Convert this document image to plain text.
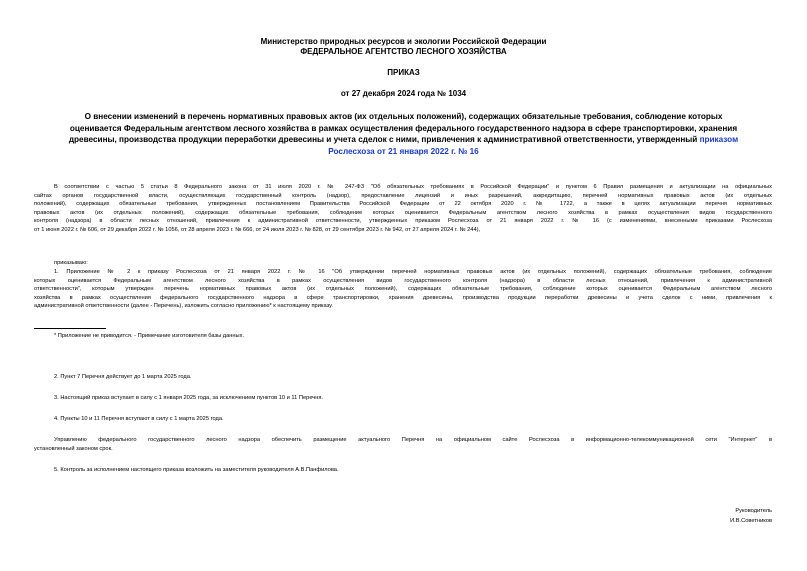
Министерство природных ресурсов и экологии Российской Федерации
ФЕДЕРАЛЬНОЕ АГЕНТСТВО ЛЕСНОГО ХОЗЯЙСТВА
ПРИКАЗ
от 27 декабря 2024 года № 1034

О внесении изменений в перечень нормативных правовых актов (их отдельных положений), содержащих обязательные требования, соблюдение которых

оценивается Федеральным агентством лесного хозяйства в рамках осуществления федерального государственного надзора в сфере транспортировки, хранения

древесины, производства продукции переработки древесины и учета сделок с ними, привлечения к административной ответственности, утвержденный приказом

Рослесхоза от 21 января 2022 г. № 16

В соответствии с частью 5 статьи 8 Федерального закона от 31 июля 2020 г. № 247-ФЗ "Об обязательных требованиях в Российской Федерации" и пунктом 6 Правил размещения и актуализации на официальных

сайтах органов государственной власти, осуществляющих государственный контроль (надзор), предоставление лицензий и иных разрешений, аккредитацию, перечней нормативных правовых актов (их отдельных

положений), содержащих обязательные требования, утвержденных постановлением Правительства Российской Федерации от 22 октября 2020 г. № 1722, а также в целях актуализации перечня нормативных

правовых актов (их отдельных положений), содержащих обязательные требования, соблюдение которых оценивается Федеральным агентством лесного хозяйства в рамках осуществления видов государственного

контроля (надзора) в области лесных отношений, привлечения к административной ответственности, утвержденных приказом Рослесхоза от 21 января 2022 г. № 16 (с изменениями, внесенными приказами Рослесхоза

от 1 июня 2022 г. № 606, от 29 декабря 2022 г. № 1056, от 28 апреля 2023 г. № 666, от 24 июля 2023 г. № 828, от 29 сентября 2023 г. № 942, от 27 апреля 2024 г. № 244),

приказываю:

1. Приложение № 2 к приказу Рослесхоза от 21 января 2022 г. № 16 "Об утверждении перечней нормативных правовых актов (их отдельных положений), содержащих обязательные требования, соблюдение

которых оценивается Федеральным агентством лесного хозяйства в рамках осуществления видов государственного контроля (надзора) в области лесных отношений, привлечения к административной

ответственности", которым утвержден перечень нормативных правовых актов (их отдельных положений), содержащих обязательные требования, соблюдение которых оценивается Федеральным агентством лесного

хозяйства в рамках осуществления федерального государственного надзора в сфере транспортировки, хранения древесины, производства продукции переработки древесины и учета сделок с ними, привлечения к

административной ответственности (далее - Перечень), изложить согласно приложению* к настоящему приказу.

* Приложение не приводится. - Примечание изготовителя базы данных.

2. Пункт 7 Перечня действует до 1 марта 2025 года.

3. Настоящий приказ вступает в силу с 1 января 2025 года, за исключением пунктов 10 и 11 Перечня.

4. Пункты 10 и 11 Перечня вступают в силу с 1 марта 2025 года.

Управлению федерального государственного лесного надзора обеспечить размещение актуального Перечня на официальном сайте Рослесхоза в информационно-телекоммуникационной сети "Интернет" в

установленный законом срок.

5. Контроль за исполнением настоящего приказа возложить на заместителя руководителя А.В.Панфилова.

Руководитель
И.В.Советников
